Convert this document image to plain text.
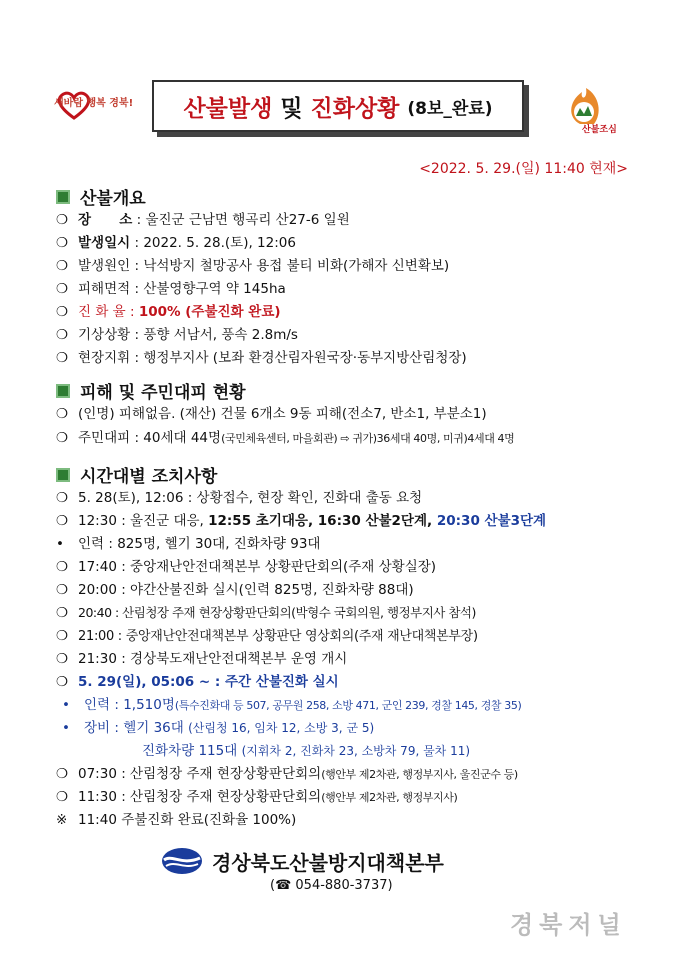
새바람 행복 경북! 산불발생 및 진화상황 (8보_완료)
산불조심
<2022. 5. 29.(일) 11:40 현재>
산불개요
❍ 장      소 : 울진군 근남면 행곡리 산27-6 일원
❍ 발생일시 : 2022. 5. 28.(토), 12:06
❍ 발생원인 : 낙석방지 철망공사 용접 불티 비화(가해자 신변확보)
❍ 피해면적 : 산불영향구역 약 145ha
❍ 진 화 율 : 100% (주불진화 완료)
❍ 기상상황 : 풍향 서남서, 풍속 2.8m/s
❍ 현장지휘 : 행정부지사 (보좌 환경산림자원국장·동부지방산림청장)
피해 및 주민대피 현황
❍ (인명) 피해없음. (재산) 건물 6개소 9동 피해(전소7, 반소1, 부분소1)
❍ 주민대피 : 40세대 44명(국민체육센터, 마을회관) ⇨ 귀가)36세대 40명, 미귀)4세대 4명
시간대별 조치사항
❍ 5. 28(토), 12:06 : 상황접수, 현장 확인, 진화대 출동 요청
❍ 12:30 : 울진군 대응, 12:55 초기대응, 16:30 산불2단계, 20:30 산불3단계
• 인력 : 825명, 헬기 30대, 진화차량 93대
❍ 17:40 : 중앙재난안전대책본부 상황판단회의(주재 상황실장)
❍ 20:00 : 야간산불진화 실시(인력 825명, 진화차량 88대)
❍ 20:40 : 산림청장 주재 현장상황판단회의(박형수 국회의원, 행정부지사 참석)
❍ 21:00 : 중앙재난안전대책본부 상황판단 영상회의(주재 재난대책본부장)
❍ 21:30 : 경상북도재난안전대책본부 운영 개시
❍ 5. 29(일), 05:06 ~ : 주간 산불진화 실시
• 인력 : 1,510명(특수진화대 등 507, 공무원 258, 소방 471, 군인 239, 경찰 145, 경찰 35)
• 장비 : 헬기 36대 (산림청 16, 임차 12, 소방 3, 군 5)
진화차량 115대 (지휘차 2, 진화차 23, 소방차 79, 물차 11)
❍ 07:30 : 산림청장 주재 현장상황판단회의(행안부 제2차관, 행정부지사, 울진군수 등)
❍ 11:30 : 산림청장 주재 현장상황판단회의(행안부 제2차관, 행정부지사)
※ 11:40 주불진화 완료(진화율 100%)
경상북도산불방지대책본부
(☎ 054-880-3737)
경북저널
